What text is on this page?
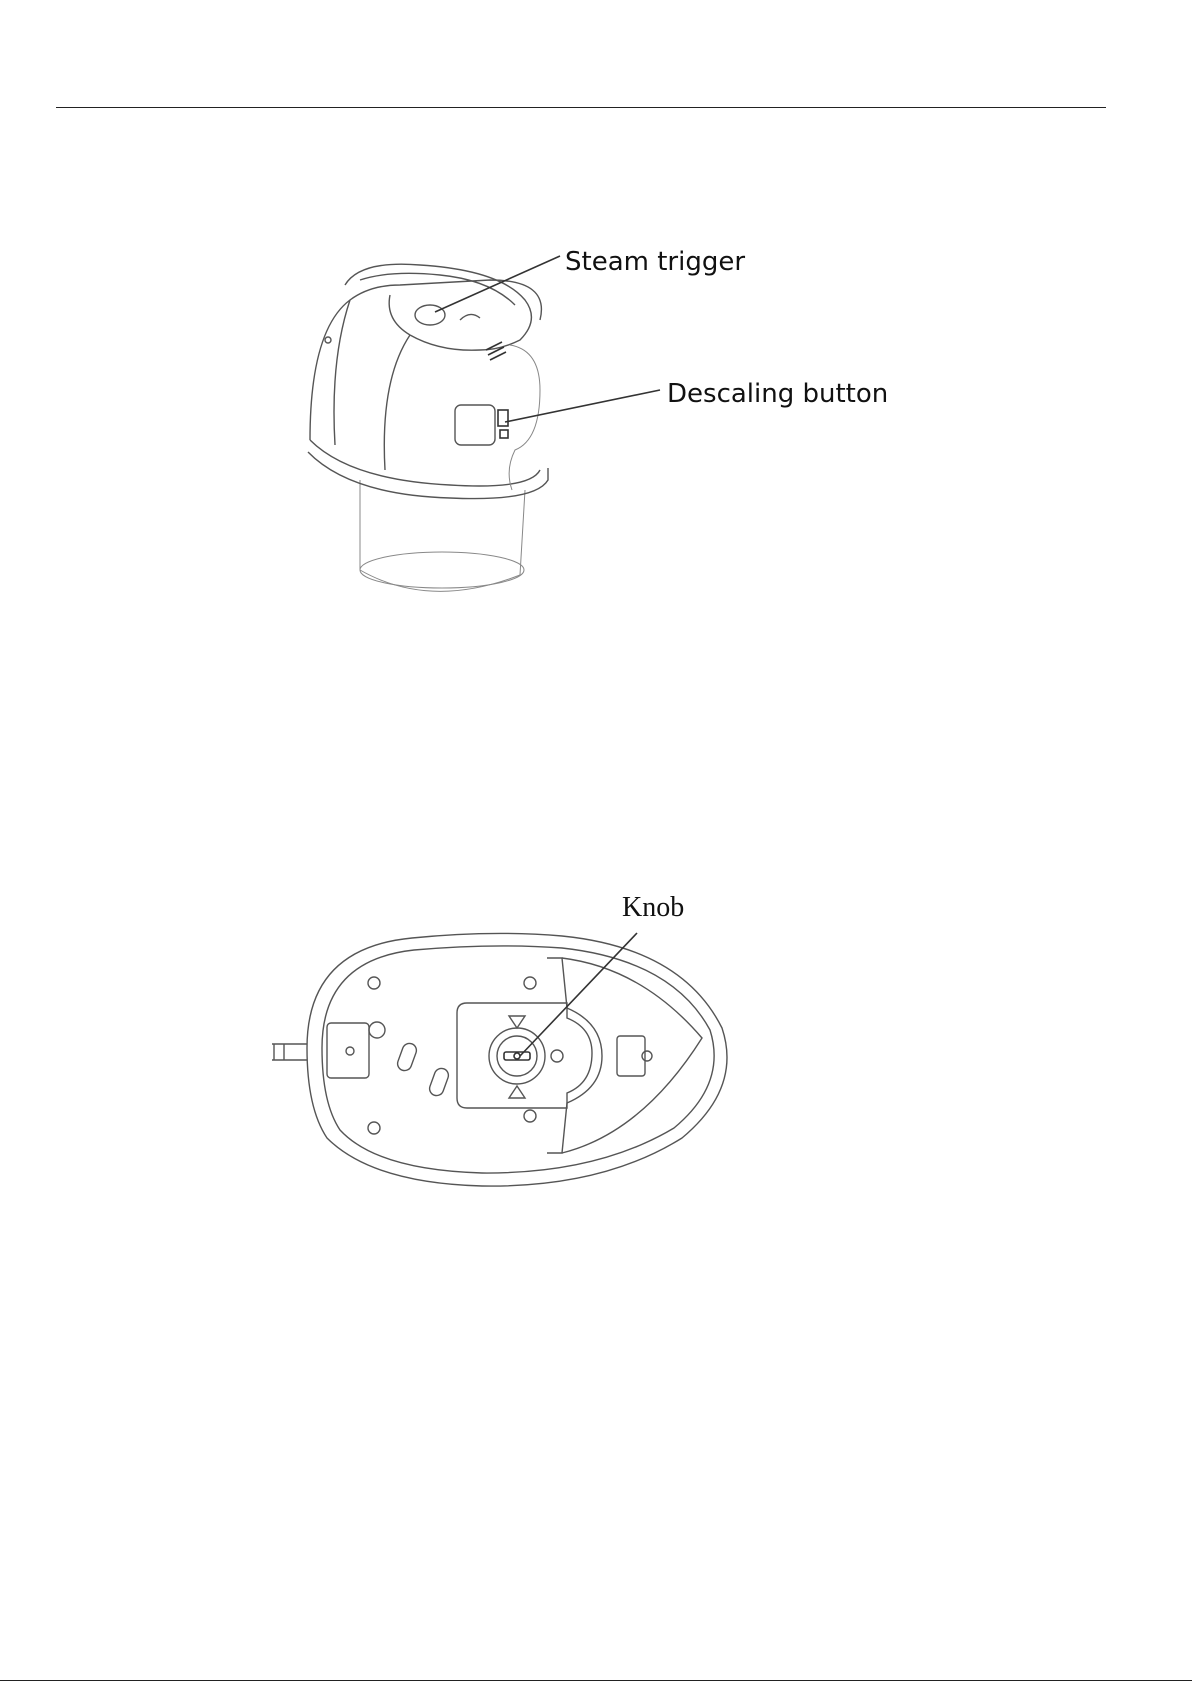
Steam trigger
Descaling button
Knob
